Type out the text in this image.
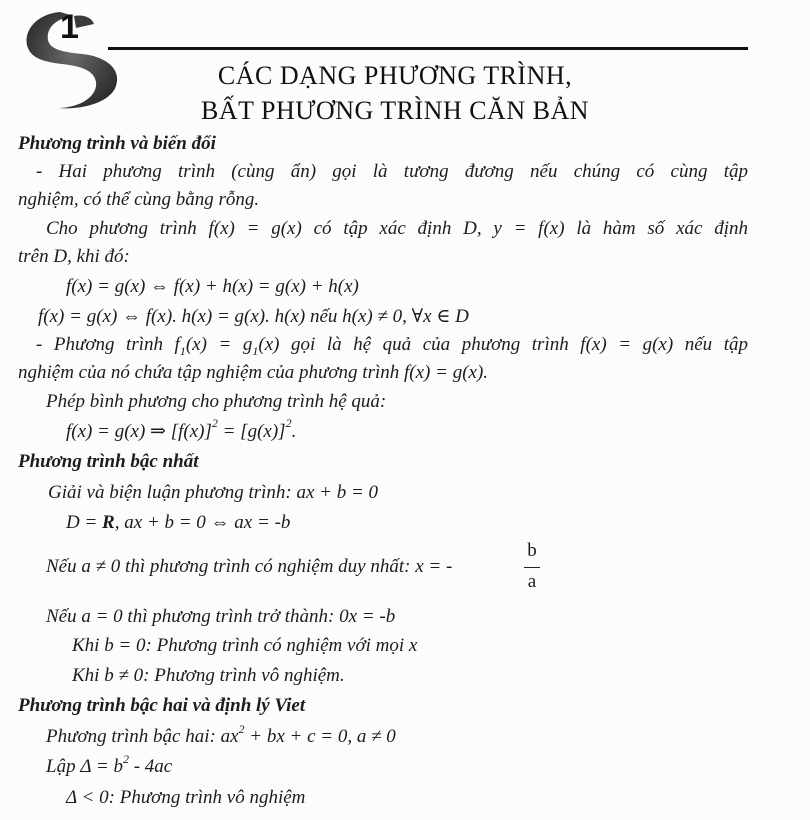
1
CÁC DẠNG PHƯƠNG TRÌNH,
BẤT PHƯƠNG TRÌNH CĂN BẢN
Phương trình và biến đổi
- Hai phương trình (cùng ẩn) gọi là tương đương nếu chúng có cùng tập
nghiệm, có thể cùng bằng rỗng.
Cho phương trình f(x) = g(x) có tập xác định D, y = f(x) là hàm số xác định
trên D, khi đó:
f(x) = g(x) ⇔ f(x) + h(x) = g(x) + h(x)
f(x) = g(x) ⇔ f(x). h(x) = g(x). h(x) nếu h(x) ≠ 0, ∀x ∈ D
- Phương trình $f_1(x) = g_1(x)$ gọi là hệ quả của phương trình f(x) = g(x) nếu tập
nghiệm của nó chứa tập nghiệm của phương trình f(x) = g(x).
Phép bình phương cho phương trình hệ quả:
f(x) = g(x) ⇒ $[f(x)]^2 = [g(x)]^2$.
Phương trình bậc nhất
Giải và biện luận phương trình: ax + b = 0
D = R, ax + b = 0 ⇔ ax = -b
Nếu a ≠ 0 thì phương trình có nghiệm duy nhất: x = -
b
a
Nếu a = 0 thì phương trình trở thành: 0x = -b
Khi b = 0: Phương trình có nghiệm với mọi x
Khi b ≠ 0: Phương trình vô nghiệm.
Phương trình bậc hai và định lý Viet
Phương trình bậc hai: $ax^2$ + bx + c = 0, a ≠ 0
Lập $\Delta = b^2 - 4ac$
Δ < 0: Phương trình vô nghiệm
